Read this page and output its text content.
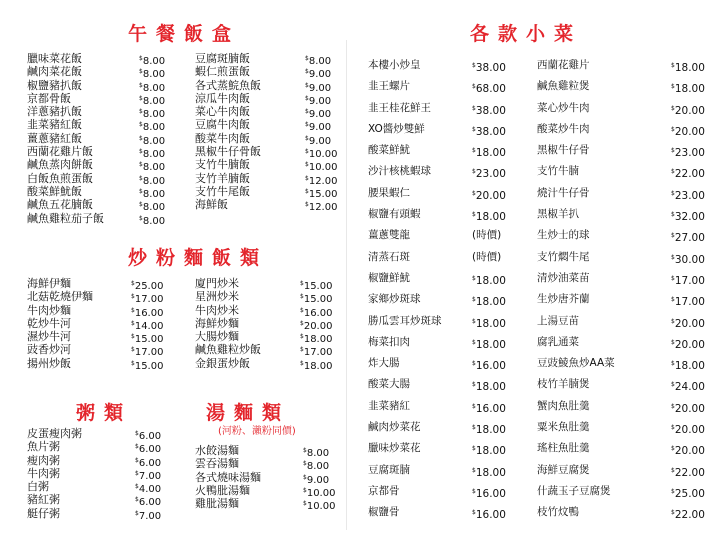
午餐飯盒
臘味菜花飯	$8.00
鹹肉菜花飯	$8.00
椒鹽豬扒飯	$8.00
京都骨飯	$8.00
洋蔥豬扒飯	$8.00
韭菜豬紅飯	$8.00
薑蔥豬紅飯	$8.00
西蘭花雞片飯	$8.00
鹹魚蒸肉餅飯	$8.00
白飯魚煎蛋飯	$8.00
酸菜鮮魷飯	$8.00
鹹魚五花腩飯	$8.00
鹹魚雞粒茄子飯	$8.00
豆腐斑腩飯	$8.00
蝦仁煎蛋飯	$9.00
各式蒸鯇魚飯	$9.00
涼瓜牛肉飯	$9.00
菜心牛肉飯	$9.00
豆腐牛肉飯	$9.00
酸菜牛肉飯	$9.00
黑椒牛仔骨飯	$10.00
支竹牛腩飯	$10.00
支竹羊腩飯	$12.00
支竹牛尾飯	$15.00
海鮮飯	$12.00
炒粉麵飯類
海鮮伊麵	$25.00
北菇乾燒伊麵	$17.00
牛肉炒麵	$16.00
乾炒牛河	$14.00
濕炒牛河	$15.00
豉香炒河	$17.00
揚州炒飯	$15.00
廈門炒米	$15.00
星洲炒米	$15.00
牛肉炒米	$16.00
海鮮炒麵	$20.00
大腸炒麵	$18.00
鹹魚雞粒炒飯	$17.00
金銀蛋炒飯	$18.00
粥類
皮蛋瘦肉粥	$6.00
魚片粥	$6.00
瘦肉粥	$6.00
牛肉粥	$7.00
白粥	$4.00
豬紅粥	$6.00
艇仔粥	$7.00
湯麵類
(河粉、瀨粉同價)
水餃湯麵	$8.00
雲吞湯麵	$8.00
各式燒味湯麵	$9.00
火鴨肶湯麵	$10.00
雞肶湯麵	$10.00
各款小菜
本樓小炒皇	$38.00
韭王螺片	$68.00
韭王桂花鮮王	$38.00
XO醬炒雙鮮	$38.00
酸菜鮮魷	$18.00
沙汁核桃蝦球	$23.00
腰果蝦仁	$20.00
椒鹽有頭蝦	$18.00
薑蔥雙龍	(時價)
清蒸石斑	(時價)
椒鹽鮮魷	$18.00
家鄉炒斑球	$18.00
勝瓜雲耳炒斑球	$18.00
梅菜扣肉	$18.00
炸大腸	$16.00
酸菜大腸	$18.00
韭菜豬紅	$16.00
鹹肉炒菜花	$18.00
臘味炒菜花	$18.00
豆腐斑腩	$18.00
京都骨	$16.00
椒鹽骨	$16.00
西蘭花雞片	$18.00
鹹魚雞粒煲	$18.00
菜心炒牛肉	$20.00
酸菜炒牛肉	$20.00
黑椒牛仔骨	$23.00
支竹牛腩	$22.00
燒汁牛仔骨	$23.00
黑椒羊扒	$32.00
生炒士的球	$27.00
支竹燜牛尾	$30.00
清炒油菜苗	$17.00
生炒唐芥蘭	$17.00
上湯豆苗	$20.00
腐乳通菜	$20.00
豆豉鯪魚炒AA菜	$18.00
枝竹羊腩煲	$24.00
蟹肉魚肚羹	$20.00
粟米魚肚羹	$20.00
瑤柱魚肚羹	$20.00
海鮮豆腐煲	$22.00
什蔬玉子豆腐煲	$25.00
枝竹炆鴨	$22.00
